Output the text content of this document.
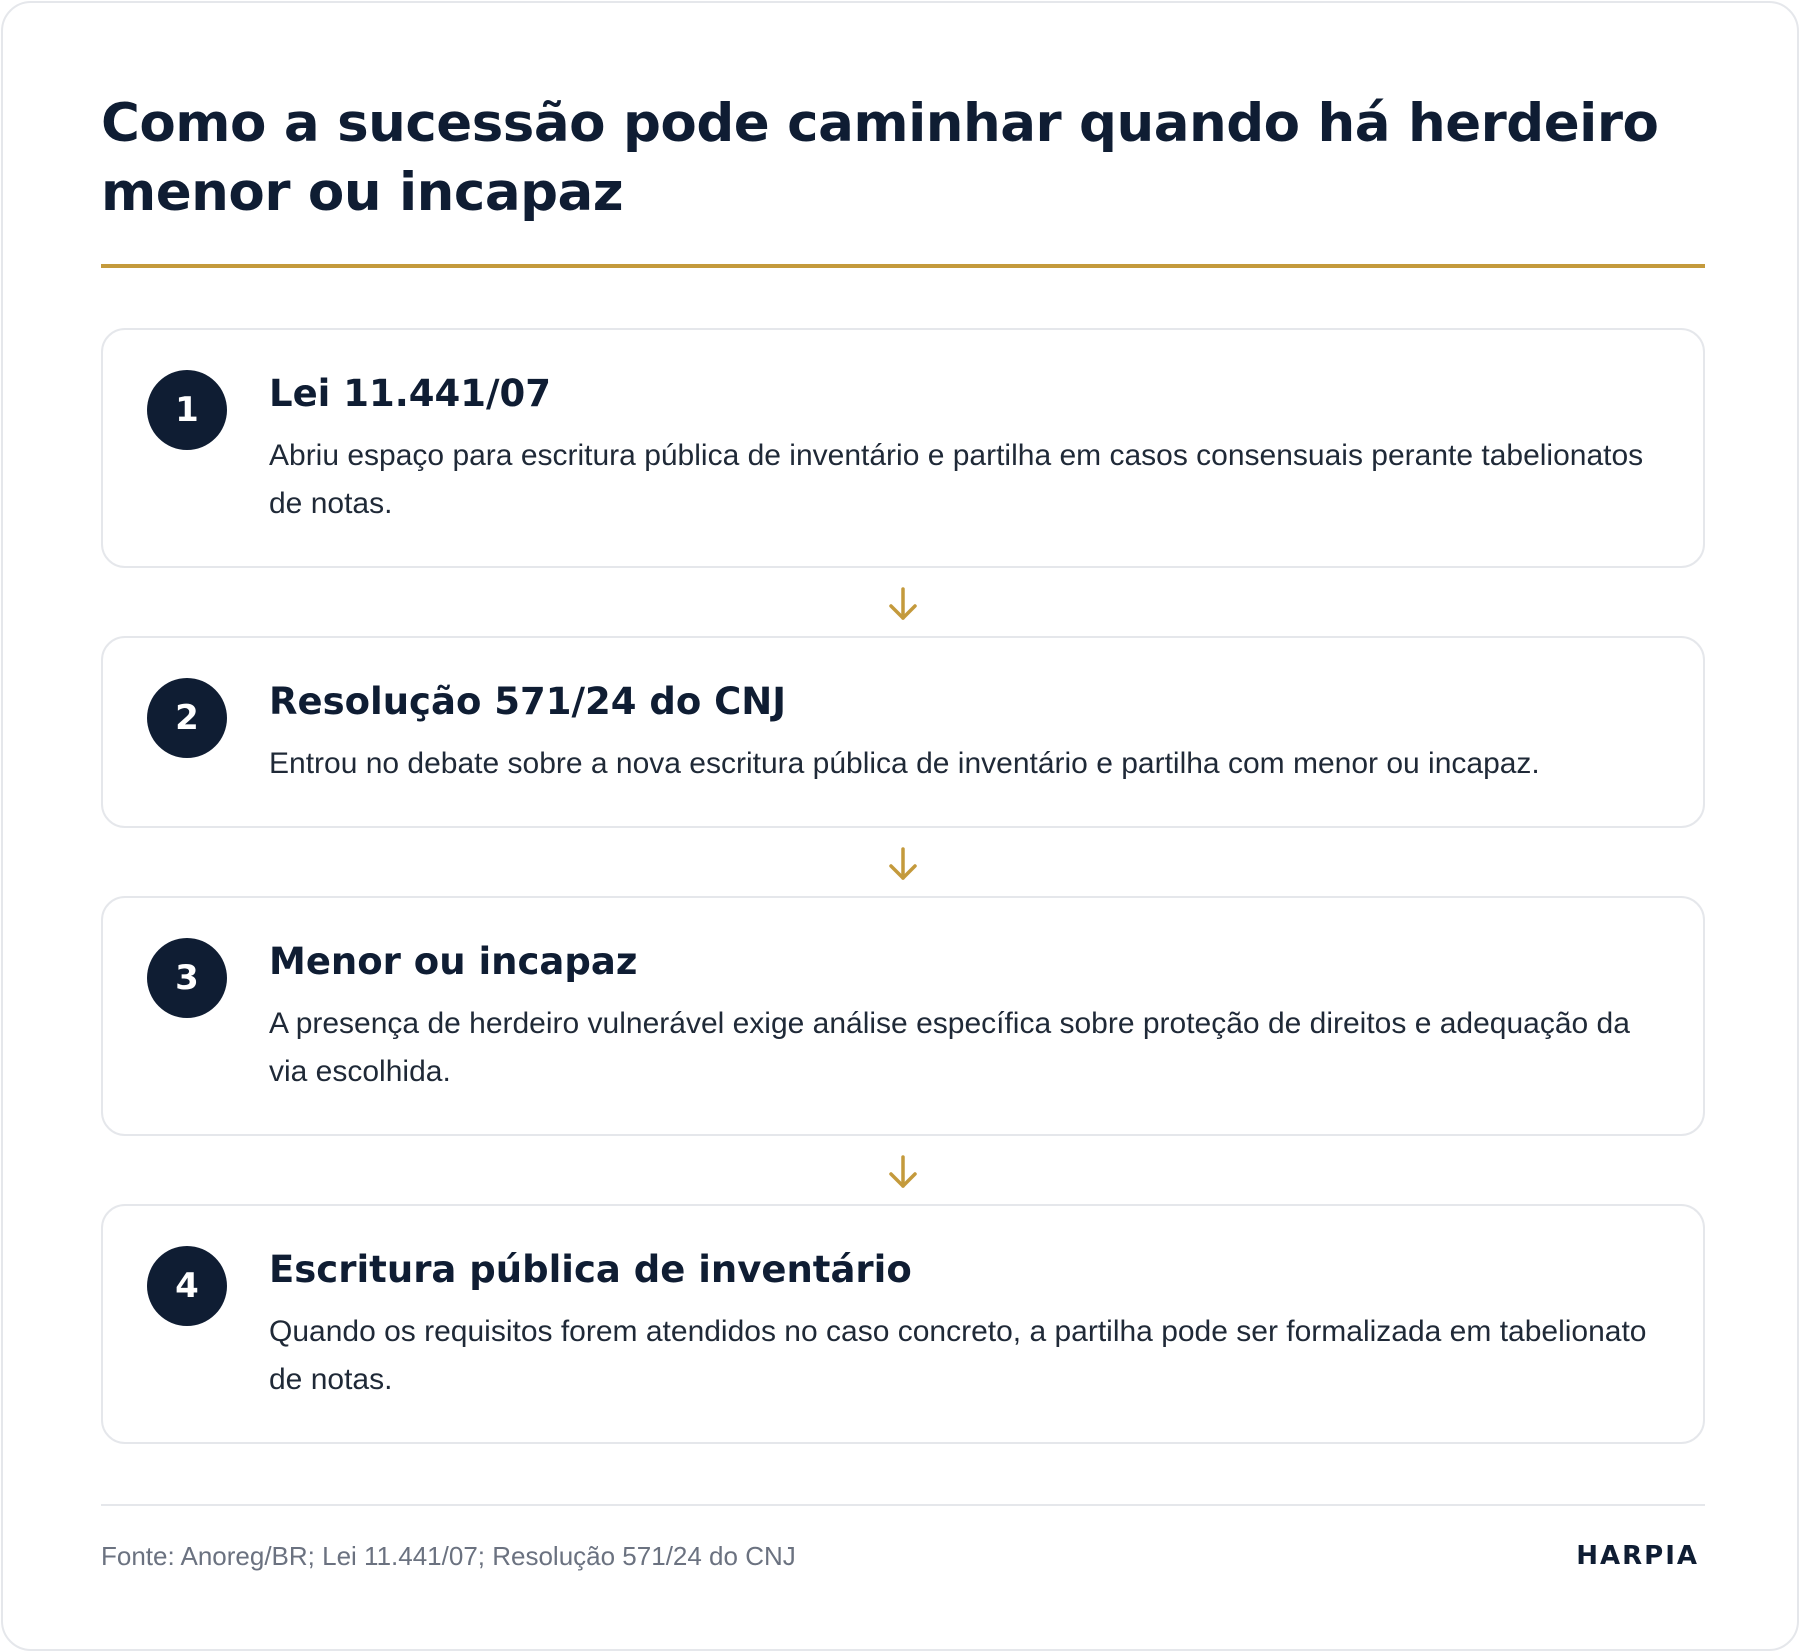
Como a sucessão pode caminhar quando há herdeiro menor ou incapaz
1	Lei 11.441/07
Abriu espaço para escritura pública de inventário e partilha em casos consensuais perante tabelionatos de notas.
2	Resolução 571/24 do CNJ
Entrou no debate sobre a nova escritura pública de inventário e partilha com menor ou incapaz.
3	Menor ou incapaz
A presença de herdeiro vulnerável exige análise específica sobre proteção de direitos e adequação da via escolhida.
4	Escritura pública de inventário
Quando os requisitos forem atendidos no caso concreto, a partilha pode ser formalizada em tabelionato de notas.
Fonte: Anoreg/BR; Lei 11.441/07; Resolução 571/24 do CNJ	HARPIA
